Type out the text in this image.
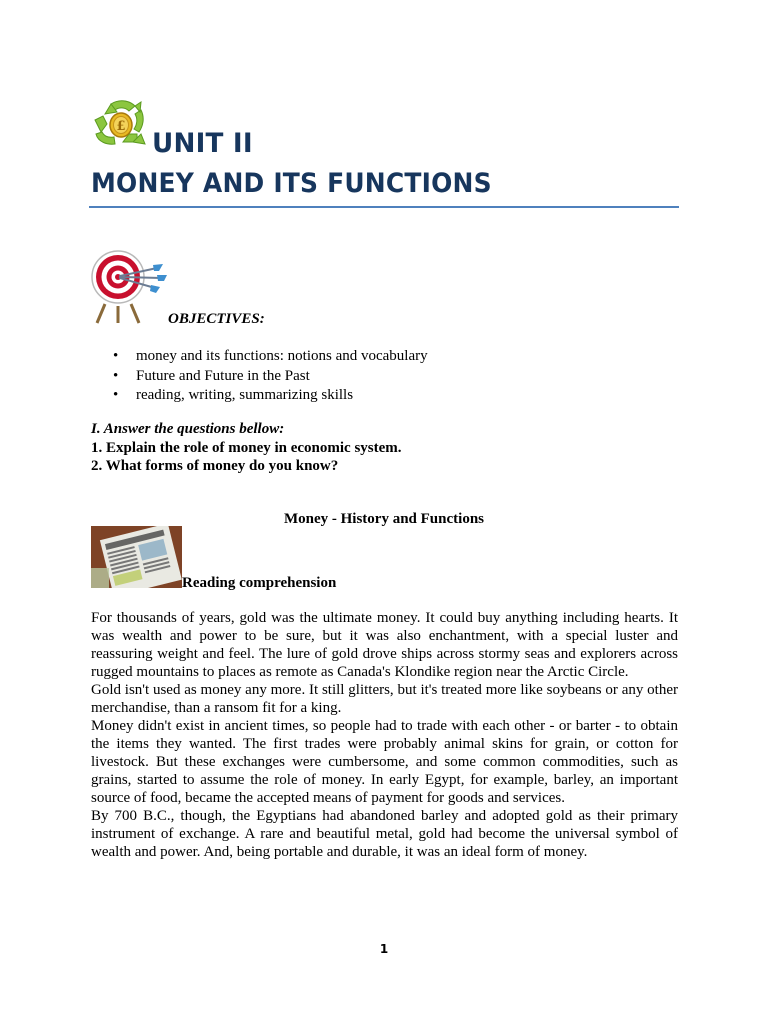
£
UNIT II
MONEY AND ITS FUNCTIONS

OBJECTIVES:

• money and its functions: notions and vocabulary
• Future and Future in the Past
• reading, writing, summarizing skills
I. Answer the questions bellow:
1. Explain the role of money in economic system.
2. What forms of money do you know?

Money - History and Functions

Reading comprehension

For thousands of years, gold was the ultimate money. It could buy anything including hearts. It was wealth and power to be sure, but it was also enchantment, with a special luster and reassuring weight and feel. The lure of gold drove ships across stormy seas and explorers across rugged mountains to places as remote as Canada's Klondike region near the Arctic Circle.

Gold isn't used as money any more. It still glitters, but it's treated more like soybeans or any other merchandise, than a ransom fit for a king.

Money didn't exist in ancient times, so people had to trade with each other - or barter - to obtain the items they wanted. The first trades were probably animal skins for grain, or cotton for livestock. But these exchanges were cumbersome, and some common commodities, such as grains, started to assume the role of money. In early Egypt, for example, barley, an important source of food, became the accepted means of payment for goods and services.

By 700 B.C., though, the Egyptians had abandoned barley and adopted gold as their primary instrument of exchange. A rare and beautiful metal, gold had become the universal symbol of wealth and power. And, being portable and durable, it was an ideal form of money.

1
